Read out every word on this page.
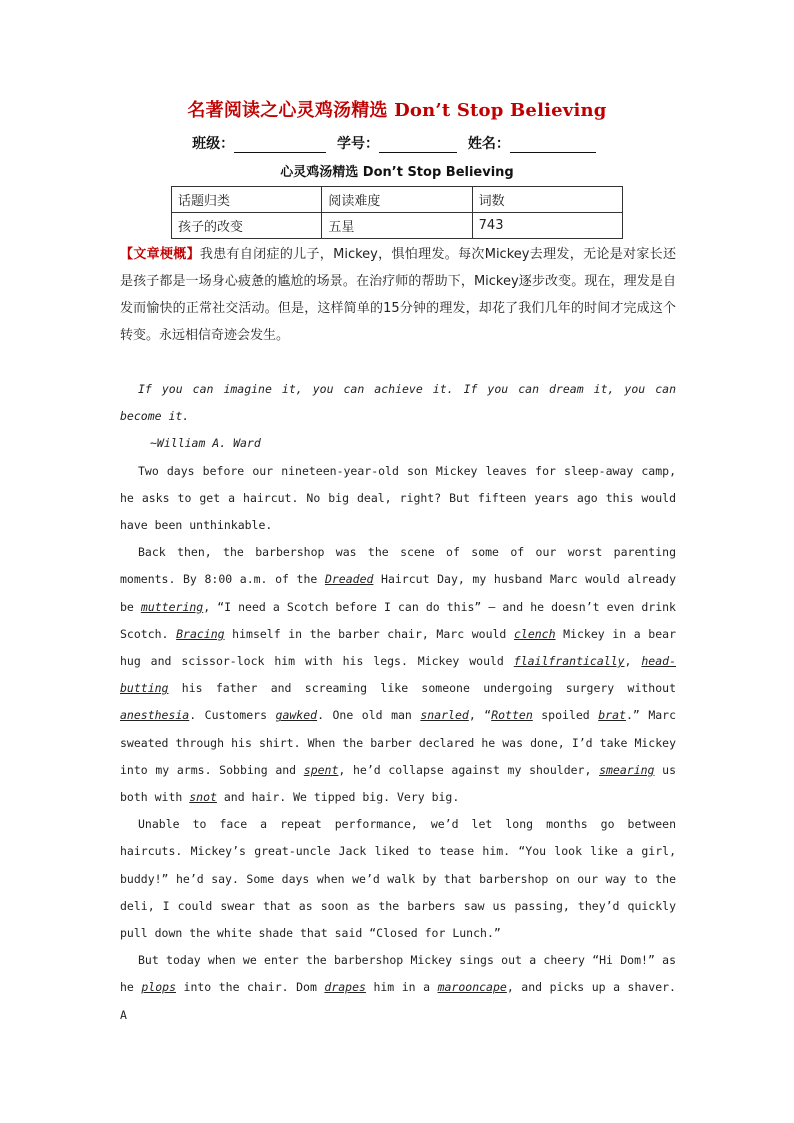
名著阅读之心灵鸡汤精选 Don’t Stop Believing
班级：	学号：	姓名：
心灵鸡汤精选 Don’t Stop Believing
话题归类	阅读难度	词数
孩子的改变	五星	743
【文章梗概】我患有自闭症的儿子，Mickey，惧怕理发。每次Mickey去理发，无论是对家长还是孩子都是一场身心疲惫的尴尬的场景。在治疗师的帮助下，Mickey逐步改变。现在，理发是自发而愉快的正常社交活动。但是，这样简单的15分钟的理发，却花了我们几年的时间才完成这个转变。永远相信奇迹会发生。

If you can imagine it, you can achieve it. If you can dream it, you can become it.

~William A. Ward

Two days before our nineteen-year-old son Mickey leaves for sleep-away camp, he asks to get a haircut. No big deal, right? But fifteen years ago this would have been unthinkable.

Back then, the barbershop was the scene of some of our worst parenting moments. By 8:00 a.m. of the Dreaded Haircut Day, my husband Marc would already be muttering, “I need a Scotch before I can do this” — and he doesn’t even drink Scotch. Bracing himself in the barber chair, Marc would clench Mickey in a bear hug and scissor-lock him with his legs. Mickey would flailfrantically, head-butting his father and screaming like someone undergoing surgery without anesthesia. Customers gawked. One old man snarled, “Rotten spoiled brat.” Marc sweated through his shirt. When the barber declared he was done, I’d take Mickey into my arms. Sobbing and spent, he’d collapse against my shoulder, smearing us both with snot and hair. We tipped big. Very big.

Unable to face a repeat performance, we’d let long months go between haircuts. Mickey’s great-uncle Jack liked to tease him. “You look like a girl, buddy!” he’d say. Some days when we’d walk by that barbershop on our way to the deli, I could swear that as soon as the barbers saw us passing, they’d quickly pull down the white shade that said “Closed for Lunch.”

But today when we enter the barbershop Mickey sings out a cheery “Hi Dom!” as he plops into the chair. Dom drapes him in a marooncape, and picks up a shaver. A
